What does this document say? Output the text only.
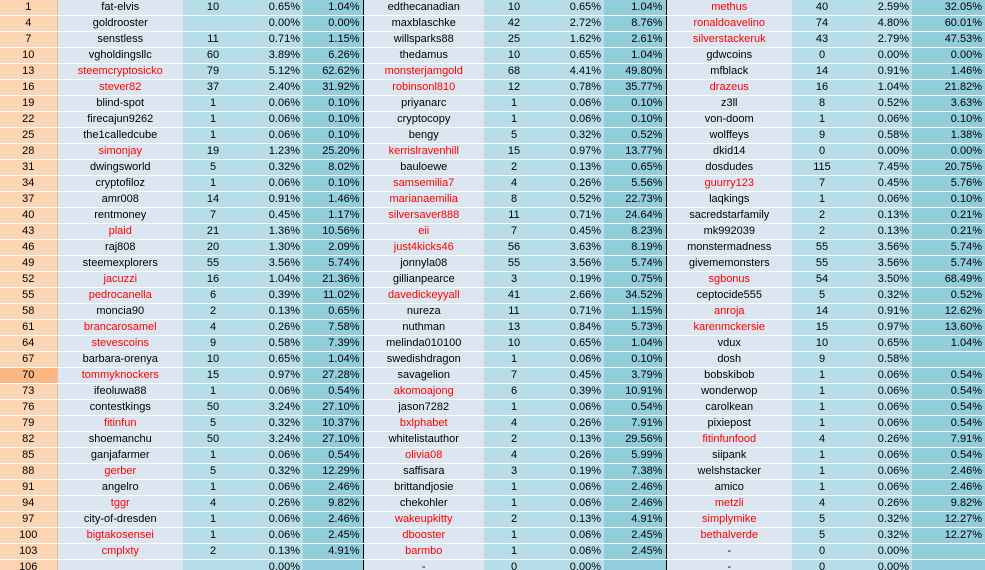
1	fat-elvis	10	0.65%	1.04%	edthecanadian	10	0.65%	1.04%	methus	40	2.59%	32.05%
4	goldrooster		0.00%	0.00%	maxblaschke	42	2.72%	8.76%	ronaldoavelino	74	4.80%	60.01%
7	senstless	11	0.71%	1.15%	willsparks88	25	1.62%	2.61%	silverstackeruk	43	2.79%	47.53%
10	vgholdingsllc	60	3.89%	6.26%	thedamus	10	0.65%	1.04%	gdwcoins	0	0.00%	0.00%
13	steemcryptosicko	79	5.12%	62.62%	monsterjamgold	68	4.41%	49.80%	mfblack	14	0.91%	1.46%
16	stever82	37	2.40%	31.92%	robinsonl810	12	0.78%	35.77%	drazeus	16	1.04%	21.82%
19	blind-spot	1	0.06%	0.10%	priyanarc	1	0.06%	0.10%	z3ll	8	0.52%	3.63%
22	firecajun9262	1	0.06%	0.10%	cryptocopy	1	0.06%	0.10%	von-doom	1	0.06%	0.10%
25	the1calledcube	1	0.06%	0.10%	bengy	5	0.32%	0.52%	wolffeys	9	0.58%	1.38%
28	simonjay	19	1.23%	25.20%	kerrislravenhill	15	0.97%	13.77%	dkid14	0	0.00%	0.00%
31	dwingsworld	5	0.32%	8.02%	bauloewe	2	0.13%	0.65%	dosdudes	115	7.45%	20.75%
34	cryptofiloz	1	0.06%	0.10%	samsemilia7	4	0.26%	5.56%	guurry123	7	0.45%	5.76%
37	amr008	14	0.91%	1.46%	marianaemilia	8	0.52%	22.73%	laqkings	1	0.06%	0.10%
40	rentmoney	7	0.45%	1.17%	silversaver888	11	0.71%	24.64%	sacredstarfamily	2	0.13%	0.21%
43	plaid	21	1.36%	10.56%	eii	7	0.45%	8.23%	mk992039	2	0.13%	0.21%
46	raj808	20	1.30%	2.09%	just4kicks46	56	3.63%	8.19%	monstermadness	55	3.56%	5.74%
49	steemexplorers	55	3.56%	5.74%	jonnyla08	55	3.56%	5.74%	givememonsters	55	3.56%	5.74%
52	jacuzzi	16	1.04%	21.36%	gillianpearce	3	0.19%	0.75%	sgbonus	54	3.50%	68.49%
55	pedrocanella	6	0.39%	11.02%	davedickeyyall	41	2.66%	34.52%	ceptocide555	5	0.32%	0.52%
58	moncia90	2	0.13%	0.65%	nureza	11	0.71%	1.15%	anroja	14	0.91%	12.62%
61	brancarosamel	4	0.26%	7.58%	nuthman	13	0.84%	5.73%	karenmckersie	15	0.97%	13.60%
64	stevescoins	9	0.58%	7.39%	melinda010100	10	0.65%	1.04%	vdux	10	0.65%	1.04%
67	barbara-orenya	10	0.65%	1.04%	swedishdragon	1	0.06%	0.10%	dosh	9	0.58%	
70	tommyknockers	15	0.97%	27.28%	savagelion	7	0.45%	3.79%	bobskibob	1	0.06%	0.54%
73	ifeoluwa88	1	0.06%	0.54%	akomoajong	6	0.39%	10.91%	wonderwop	1	0.06%	0.54%
76	contestkings	50	3.24%	27.10%	jason7282	1	0.06%	0.54%	carolkean	1	0.06%	0.54%
79	fitinfun	5	0.32%	10.37%	bxlphabet	4	0.26%	7.91%	pixiepost	1	0.06%	0.54%
82	shoemanchu	50	3.24%	27.10%	whitelistauthor	2	0.13%	29.56%	fitinfunfood	4	0.26%	7.91%
85	ganjafarmer	1	0.06%	0.54%	olivia08	4	0.26%	5.99%	siipank	1	0.06%	0.54%
88	gerber	5	0.32%	12.29%	saffisara	3	0.19%	7.38%	welshstacker	1	0.06%	2.46%
91	angelro	1	0.06%	2.46%	brittandjosie	1	0.06%	2.46%	amico	1	0.06%	2.46%
94	tggr	4	0.26%	9.82%	chekohler	1	0.06%	2.46%	metzli	4	0.26%	9.82%
97	city-of-dresden	1	0.06%	2.46%	wakeupkitty	2	0.13%	4.91%	simplymike	5	0.32%	12.27%
100	bigtakosensei	1	0.06%	2.45%	dbooster	1	0.06%	2.45%	bethalverde	5	0.32%	12.27%
103	cmplxty	2	0.13%	4.91%	barmbo	1	0.06%	2.45%	-	0	0.00%	
106			0.00%		-	0	0.00%		-	0	0.00%	
